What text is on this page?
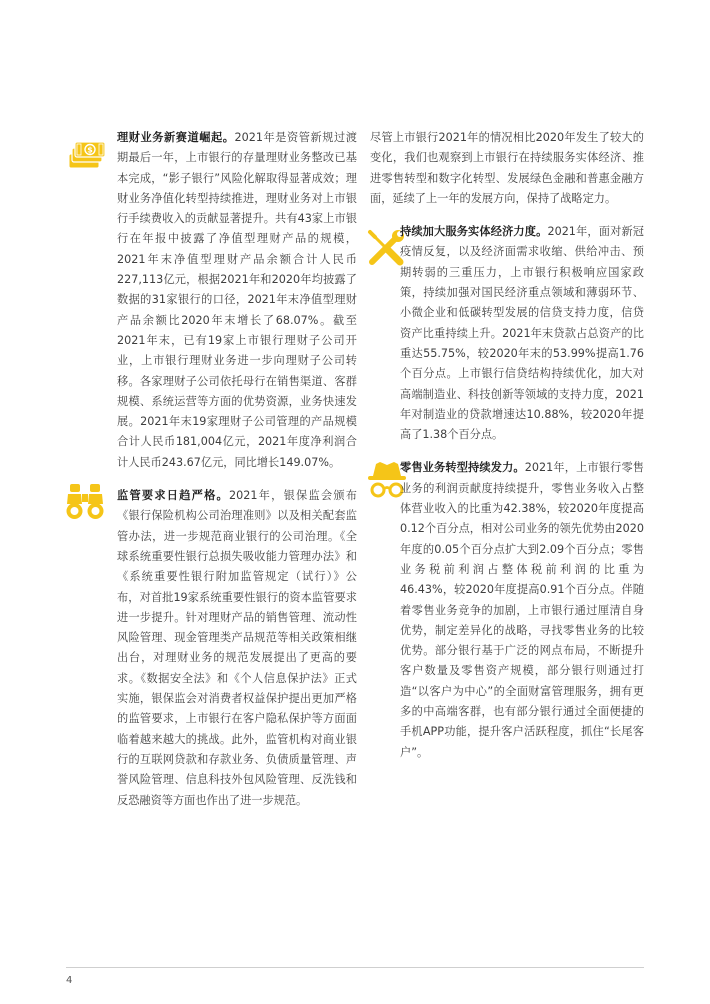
$

理财业务新赛道崛起。2021年是资管新规过渡期最后一年，上市银行的存量理财业务整改已基本完成，“影子银行”风险化解取得显著成效；理财业务净值化转型持续推进，理财业务对上市银行手续费收入的贡献显著提升。共有43家上市银行在年报中披露了净值型理财产品的规模，2021年末净值型理财产品余额合计人民币227,113亿元，根据2021年和2020年均披露了数据的31家银行的口径，2021年末净值型理财产品余额比2020年末增长了68.07%。截至2021年末，已有19家上市银行理财子公司开业，上市银行理财业务进一步向理财子公司转移。各家理财子公司依托母行在销售渠道、客群规模、系统运营等方面的优势资源，业务快速发展。2021年末19家理财子公司管理的产品规模合计人民币181,004亿元，2021年度净利润合计人民币243.67亿元，同比增长149.07%。

监管要求日趋严格。2021年，银保监会颁布《银行保险机构公司治理准则》以及相关配套监管办法，进一步规范商业银行的公司治理。《全球系统重要性银行总损失吸收能力管理办法》和《系统重要性银行附加监管规定（试行）》公布，对首批19家系统重要性银行的资本监管要求进一步提升。针对理财产品的销售管理、流动性风险管理、现金管理类产品规范等相关政策相继出台，对理财业务的规范发展提出了更高的要求。《数据安全法》和《个人信息保护法》正式实施，银保监会对消费者权益保护提出更加严格的监管要求，上市银行在客户隐私保护等方面面临着越来越大的挑战。此外，监管机构对商业银行的互联网贷款和存款业务、负债质量管理、声誉风险管理、信息科技外包风险管理、反洗钱和反恐融资等方面也作出了进一步规范。

尽管上市银行2021年的情况相比2020年发生了较大的变化，我们也观察到上市银行在持续服务实体经济、推进零售转型和数字化转型、发展绿色金融和普惠金融方面，延续了上一年的发展方向，保持了战略定力。

持续加大服务实体经济力度。2021年，面对新冠疫情反复，以及经济面需求收缩、供给冲击、预期转弱的三重压力，上市银行积极响应国家政策，持续加强对国民经济重点领域和薄弱环节、小微企业和低碳转型发展的信贷支持力度，信贷资产比重持续上升。2021年末贷款占总资产的比重达55.75%，较2020年末的53.99%提高1.76个百分点。上市银行信贷结构持续优化，加大对高端制造业、科技创新等领域的支持力度，2021年对制造业的贷款增速达10.88%，较2020年提高了1.38个百分点。

零售业务转型持续发力。2021年，上市银行零售业务的利润贡献度持续提升，零售业务收入占整体营业收入的比重为42.38%，较2020年度提高0.12个百分点，相对公司业务的领先优势由2020年度的0.05个百分点扩大到2.09个百分点；零售业务税前利润占整体税前利润的比重为46.43%，较2020年度提高0.91个百分点。伴随着零售业务竞争的加剧，上市银行通过厘清自身优势，制定差异化的战略，寻找零售业务的比较优势。部分银行基于广泛的网点布局，不断提升客户数量及零售资产规模，部分银行则通过打造“以客户为中心”的全面财富管理服务，拥有更多的中高端客群，也有部分银行通过全面便捷的手机APP功能，提升客户活跃程度，抓住“长尾客户”。

4
